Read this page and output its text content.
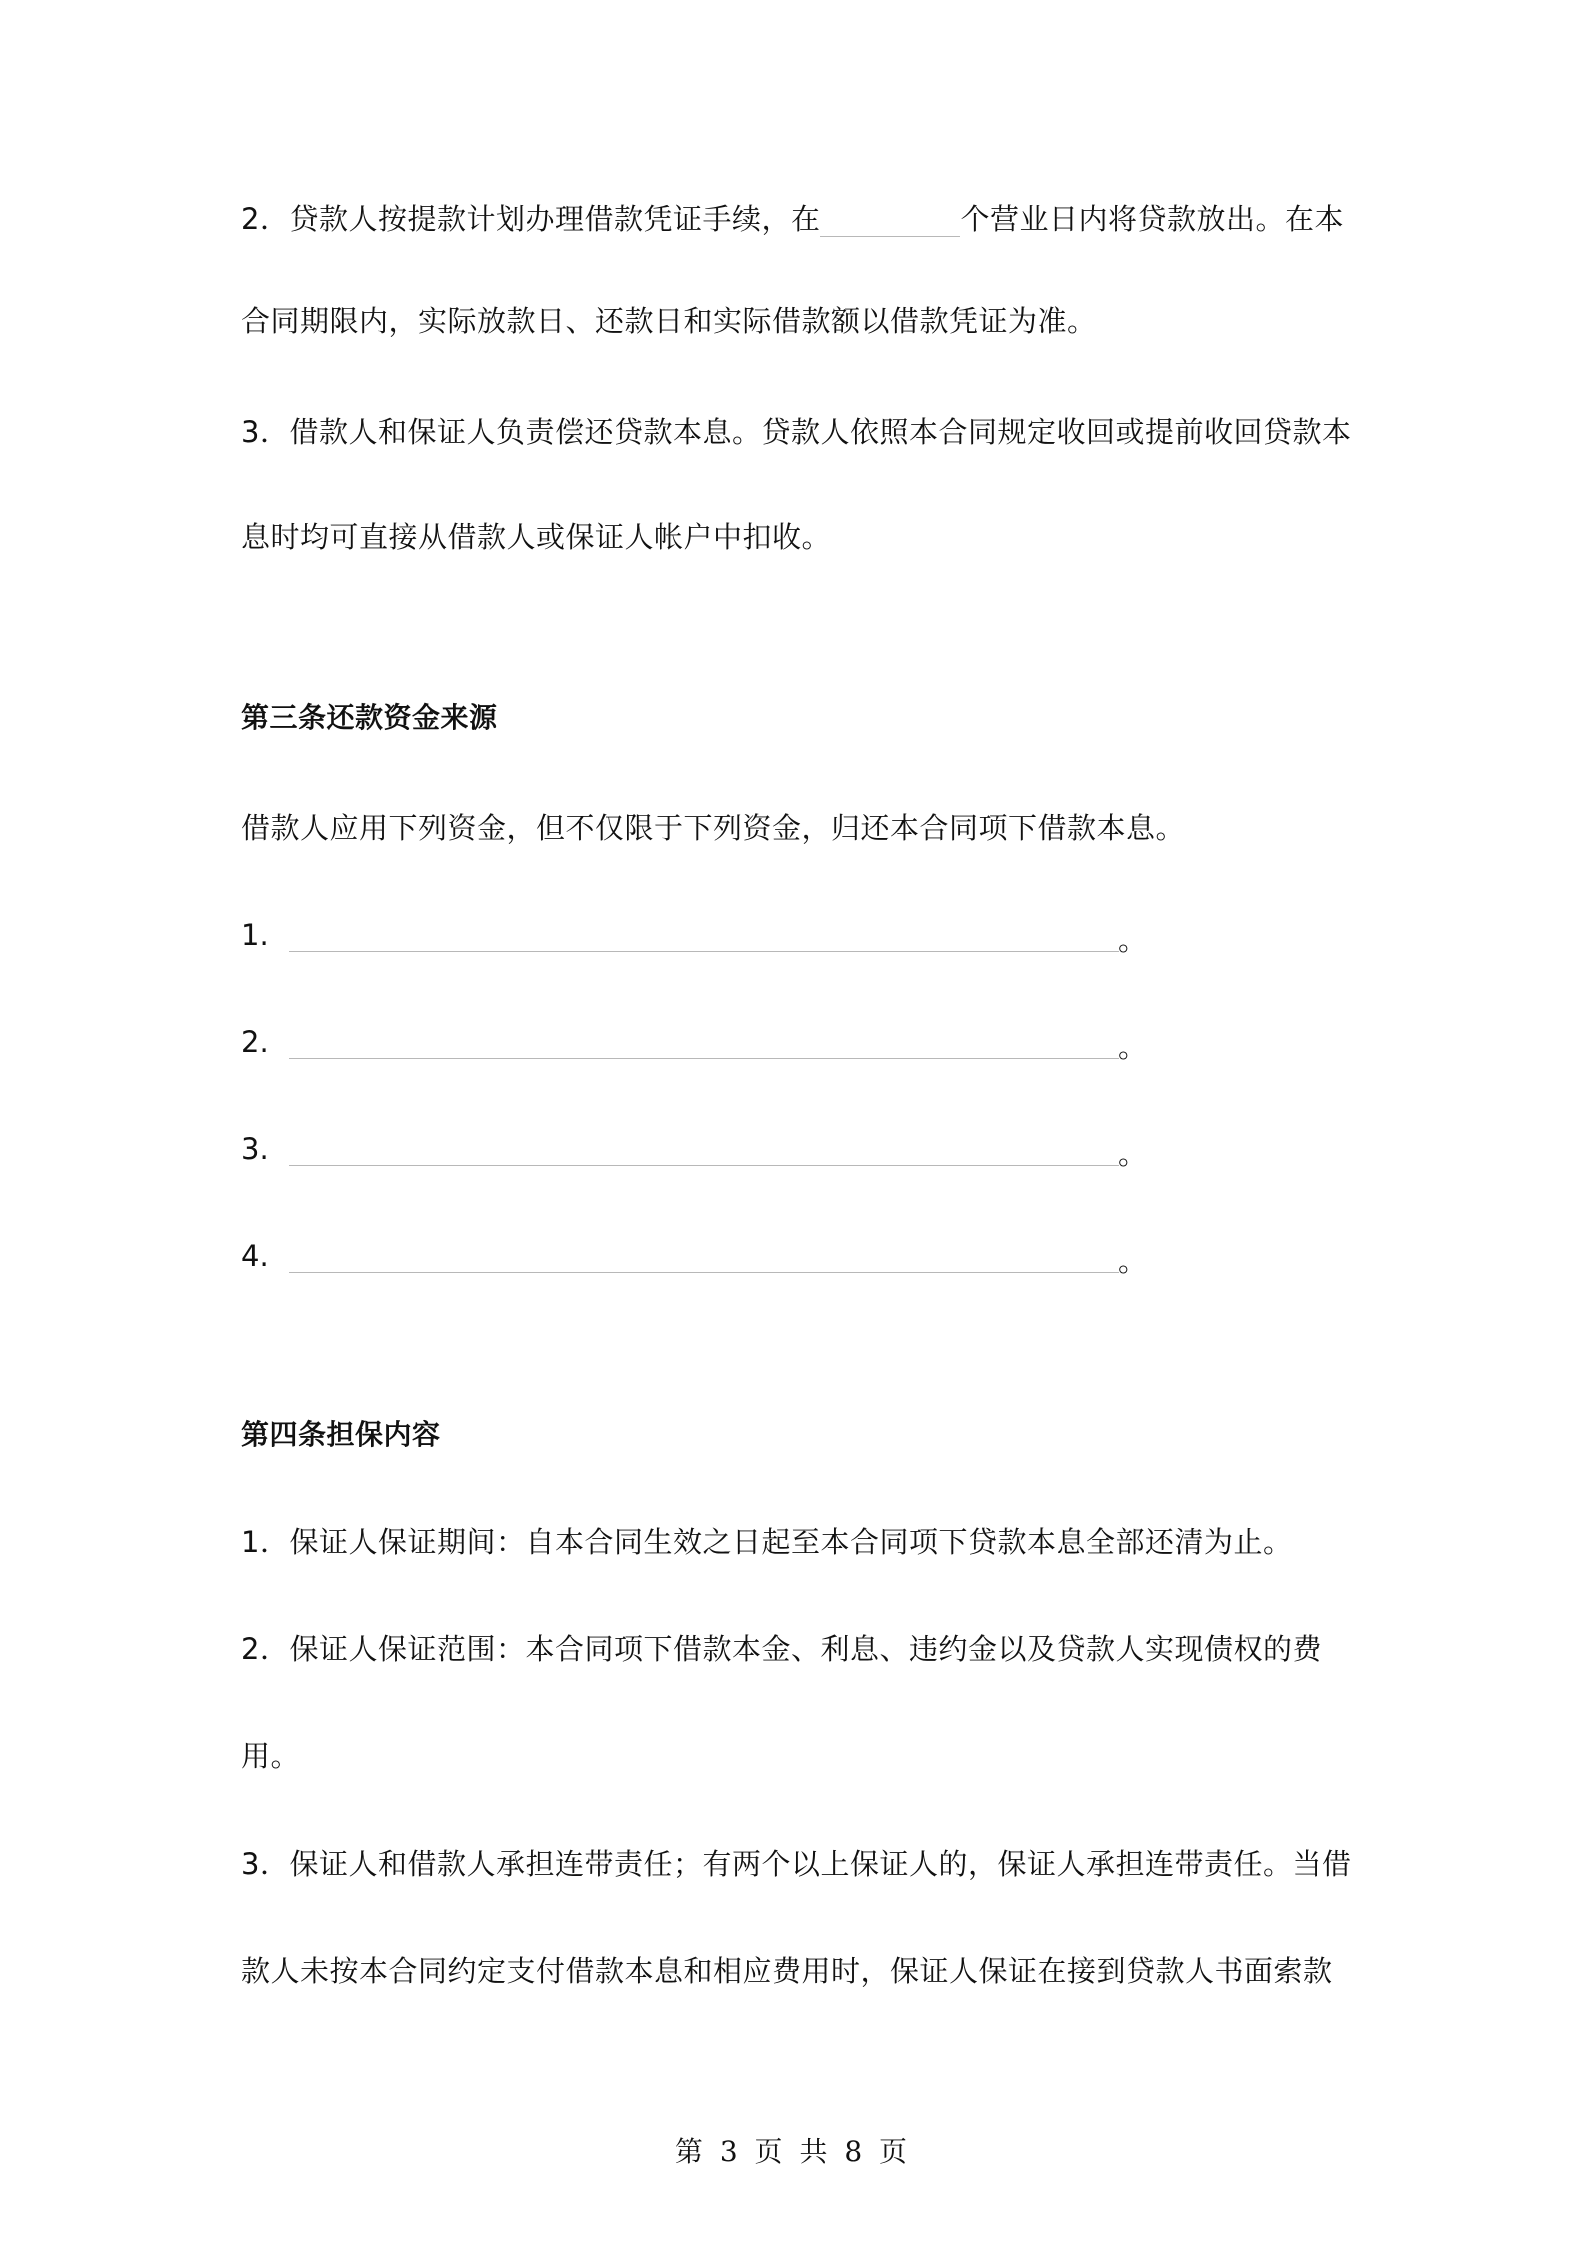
2．贷款人按提款计划办理借款凭证手续，在	个营业日内将贷款放出。在本
合同期限内，实际放款日、还款日和实际借款额以借款凭证为准。
3．借款人和保证人负责偿还贷款本息。贷款人依照本合同规定收回或提前收回贷款本
息时均可直接从借款人或保证人帐户中扣收。
第三条还款资金来源
借款人应用下列资金，但不仅限于下列资金，归还本合同项下借款本息。
1.	。
2.	。
3.	。
4.	。
第四条担保内容
1．保证人保证期间：自本合同生效之日起至本合同项下贷款本息全部还清为止。
2．保证人保证范围：本合同项下借款本金、利息、违约金以及贷款人实现债权的费
用。
3．保证人和借款人承担连带责任；有两个以上保证人的，保证人承担连带责任。当借
款人未按本合同约定支付借款本息和相应费用时，保证人保证在接到贷款人书面索款
第 3 页 共 8 页
